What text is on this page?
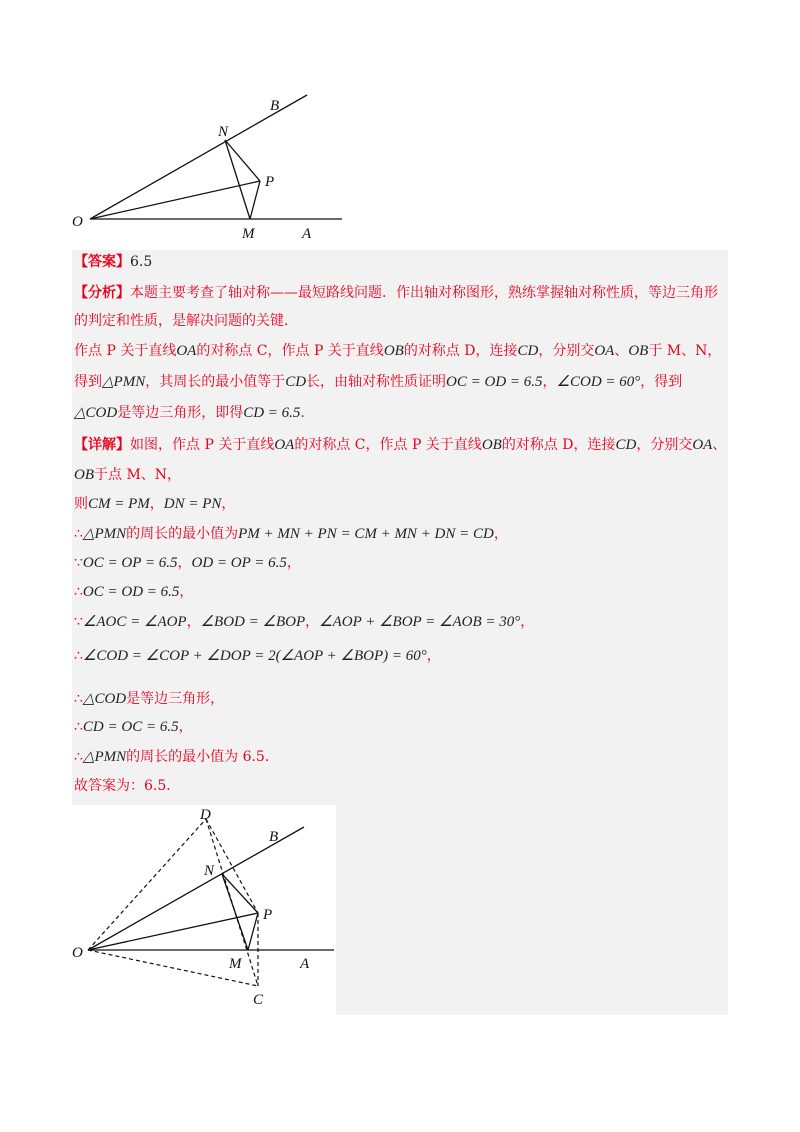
B
N
P
O
M	A
【答案】6.5
【分析】本题主要考查了轴对称——最短路线问题．作出轴对称图形，熟练掌握轴对称性质，等边三角形
的判定和性质，是解决问题的关键．
作点 P 关于直线OA的对称点 C，作点 P 关于直线OB的对称点 D，连接CD，分别交OA、OB于 M、N，
得到△PMN，其周长的最小值等于CD长，由轴对称性质证明OC = OD = 6.5，∠COD = 60°，得到
△COD是等边三角形，即得CD = 6.5．
【详解】如图，作点 P 关于直线OA的对称点 C，作点 P 关于直线OB的对称点 D，连接CD，分别交OA、
OB于点 M、N，
则CM = PM，DN = PN，
∴△PMN的周长的最小值为PM + MN + PN = CM + MN + DN = CD，
∵OC = OP = 6.5，OD = OP = 6.5，
∴OC = OD = 6.5，
∵∠AOC = ∠AOP，∠BOD = ∠BOP，∠AOP + ∠BOP = ∠AOB = 30°，
∴∠COD = ∠COP + ∠DOP = 2(∠AOP + ∠BOP) = 60°，
∴△COD是等边三角形，
∴CD = OC = 6.5，
∴△PMN的周长的最小值为 6.5．
故答案为：6.5．
D
B
N
P
O
M	A
C
